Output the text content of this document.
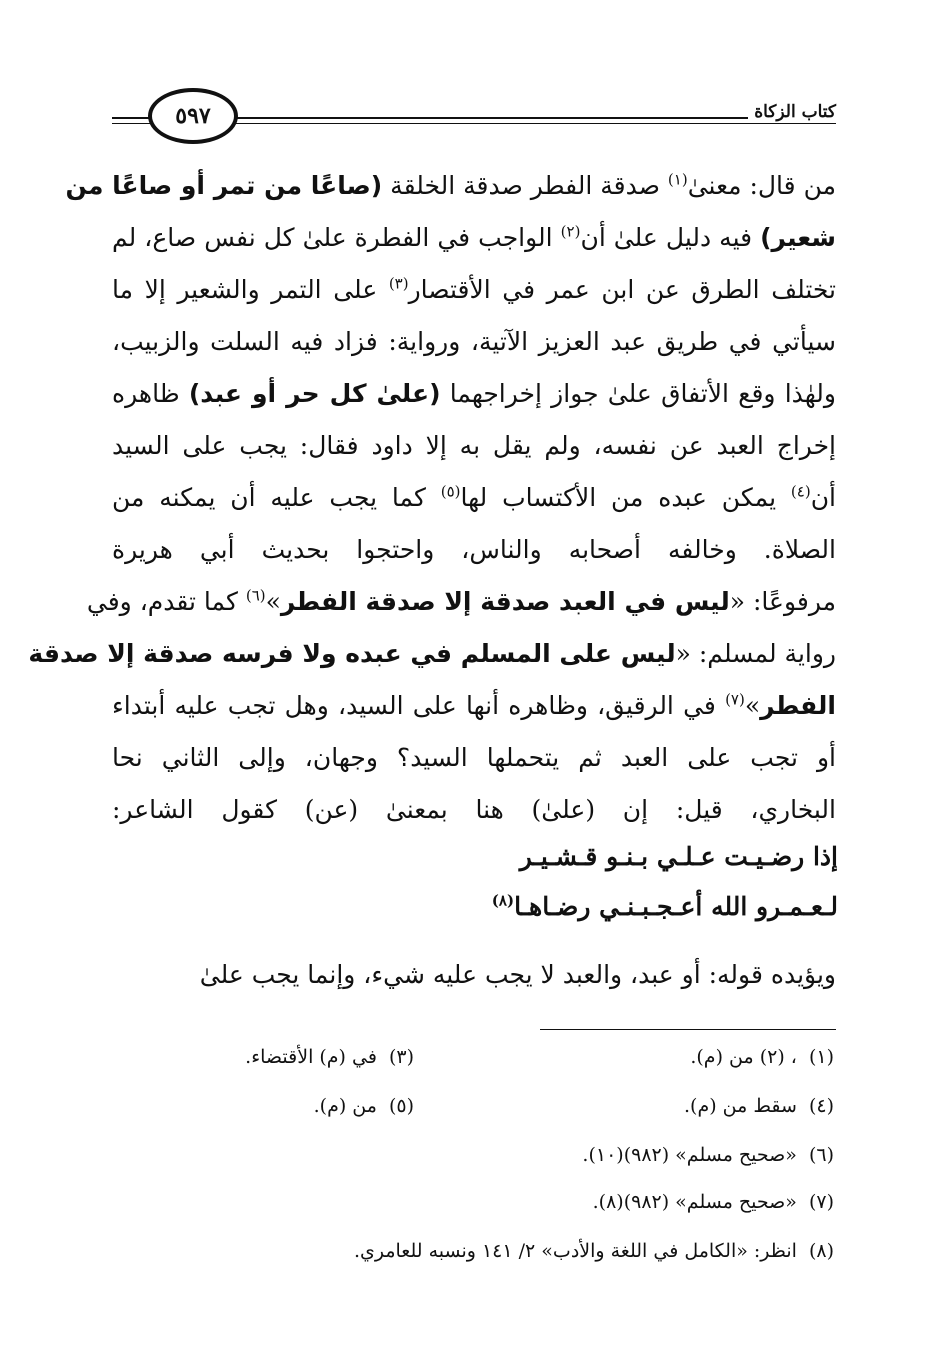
٥٩٧	كتاب الزكاة
من قال: معنىٰ$^{(١)}$ صدقة الفطر صدقة الخلقة (صاعًا من تمر أو صاعًا من
شعير) فيه دليل علىٰ أن$^{(٢)}$ الواجب في الفطرة علىٰ كل نفس صاع، لم
تختلف الطرق عن ابن عمر في الأقتصار$^{(٣)}$ على التمر والشعير إلا ما
سيأتي في طريق عبد العزيز الآتية، ورواية: فزاد فيه السلت والزبيب،
ولهٰذا وقع الأتفاق علىٰ جواز إخراجهما (علىٰ كل حر أو عبد) ظاهره
إخراج العبد عن نفسه، ولم يقل به إلا داود فقال: يجب على السيد
أن$^{(٤)}$ يمكن عبده من الأكتساب لها$^{(٥)}$ كما يجب عليه أن يمكنه من
الصلاة. وخالفه أصحابه والناس، واحتجوا بحديث أبي هريرة
مرفوعًا: «ليس في العبد صدقة إلا صدقة الفطر»$^{(٦)}$ كما تقدم، وفي
رواية لمسلم: «ليس على المسلم في عبده ولا فرسه صدقة إلا صدقة
الفطر»$^{(٧)}$ في الرقيق، وظاهره أنها على السيد، وهل تجب عليه أبتداء
أو تجب على العبد ثم يتحملها السيد؟ وجهان، وإلى الثاني نحا
البخاري، قيل: إن (علىٰ) هنا بمعنىٰ (عن) كقول الشاعر:
إذا رضـيـت عـلـي بـنـو قـشـيـر
لـعـمـرو الله أعـجـبـنـي رضـاهـا$^{(٨)}$
ويؤيده قوله: أو عبد، والعبد لا يجب عليه شيء، وإنما يجب علىٰ
(١)، (٢) من (م).
(٣)في (م) الأقتضاء.
(٤)سقط من (م).
(٥)من (م).
(٦)«صحيح مسلم» (٩٨٢)(١٠).
(٧)«صحيح مسلم» (٩٨٢)(٨).
(٨)انظر: «الكامل في اللغة والأدب» ٢/ ١٤١ ونسبه للعامري.
